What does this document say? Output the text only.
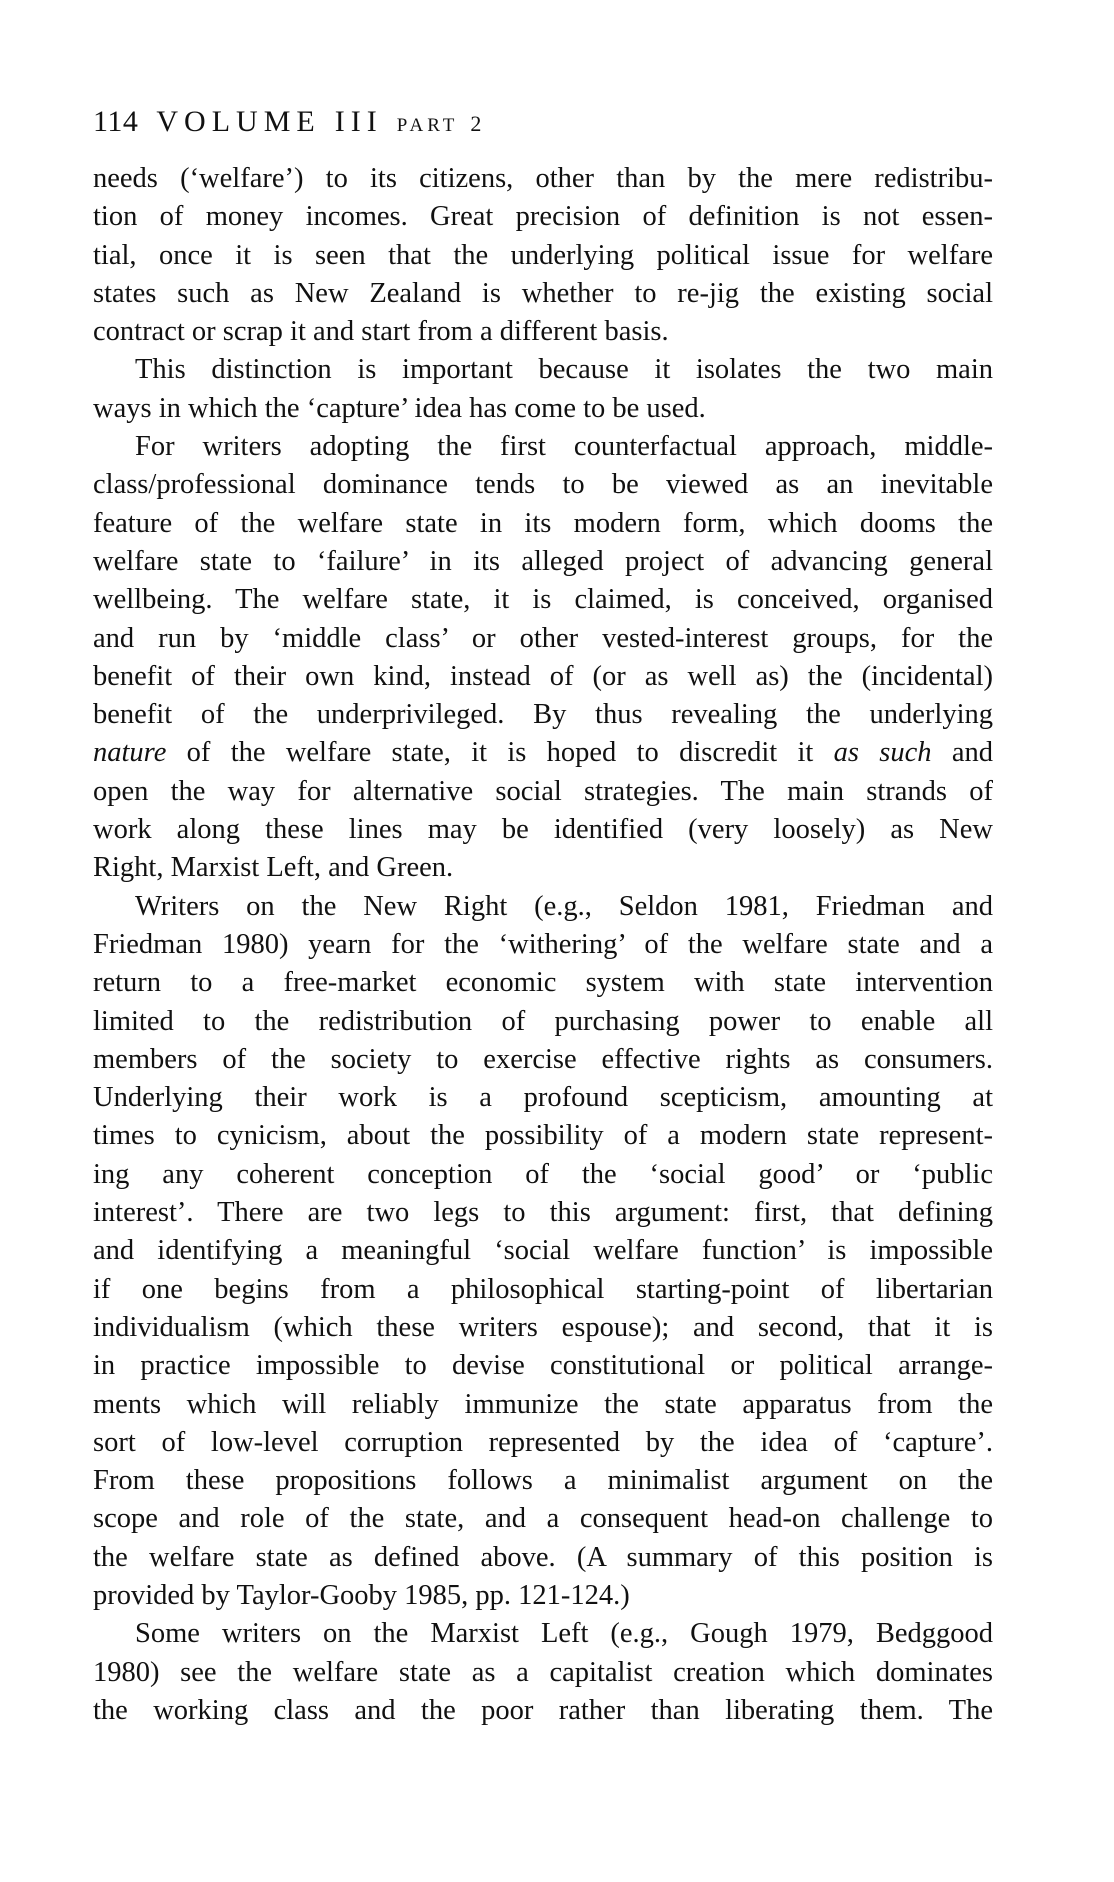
114 VOLUME III PART 2
needs (‘welfare’) to its citizens, other than by the mere redistribu-
tion of money incomes. Great precision of definition is not essen-
tial, once it is seen that the underlying political issue for welfare
states such as New Zealand is whether to re-jig the existing social
contract or scrap it and start from a different basis.
This distinction is important because it isolates the two main
ways in which the ‘capture’ idea has come to be used.
For writers adopting the first counterfactual approach, middle-
class/professional dominance tends to be viewed as an inevitable
feature of the welfare state in its modern form, which dooms the
welfare state to ‘failure’ in its alleged project of advancing general
wellbeing. The welfare state, it is claimed, is conceived, organised
and run by ‘middle class’ or other vested-interest groups, for the
benefit of their own kind, instead of (or as well as) the (incidental)
benefit of the underprivileged. By thus revealing the underlying
nature of the welfare state, it is hoped to discredit it as such and
open the way for alternative social strategies. The main strands of
work along these lines may be identified (very loosely) as New
Right, Marxist Left, and Green.
Writers on the New Right (e.g., Seldon 1981, Friedman and
Friedman 1980) yearn for the ‘withering’ of the welfare state and a
return to a free-market economic system with state intervention
limited to the redistribution of purchasing power to enable all
members of the society to exercise effective rights as consumers.
Underlying their work is a profound scepticism, amounting at
times to cynicism, about the possibility of a modern state represent-
ing any coherent conception of the ‘social good’ or ‘public
interest’. There are two legs to this argument: first, that defining
and identifying a meaningful ‘social welfare function’ is impossible
if one begins from a philosophical starting-point of libertarian
individualism (which these writers espouse); and second, that it is
in practice impossible to devise constitutional or political arrange-
ments which will reliably immunize the state apparatus from the
sort of low-level corruption represented by the idea of ‘capture’.
From these propositions follows a minimalist argument on the
scope and role of the state, and a consequent head-on challenge to
the welfare state as defined above. (A summary of this position is
provided by Taylor-Gooby 1985, pp. 121-124.)
Some writers on the Marxist Left (e.g., Gough 1979, Bedggood
1980) see the welfare state as a capitalist creation which dominates
the working class and the poor rather than liberating them. The
